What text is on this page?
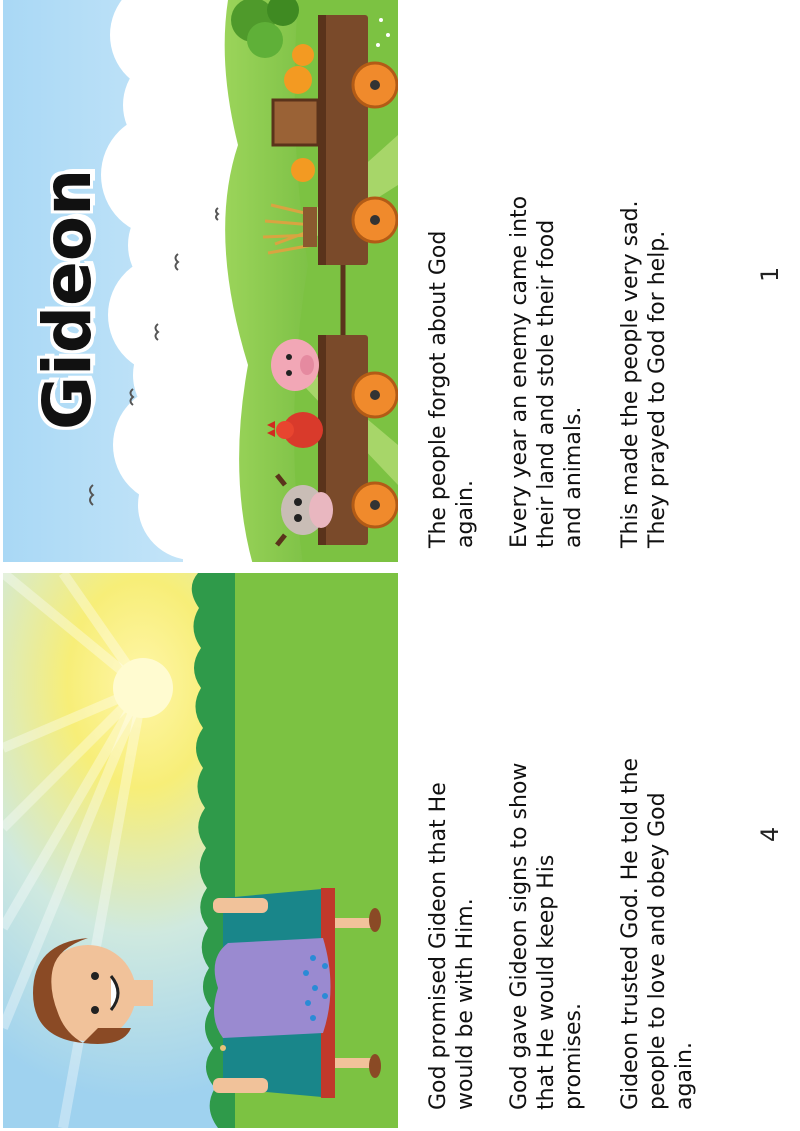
Gideon
The people forgot about God
again. Every year an enemy came into
their land and stole their food
and animals.
This made the people very sad.
They prayed to God for help.	1
God promised Gideon that He
would be with Him.
God gave Gideon signs to show
that He would keep His
promises. Gideon trusted God. He told the
people to love and obey God
again.
4
